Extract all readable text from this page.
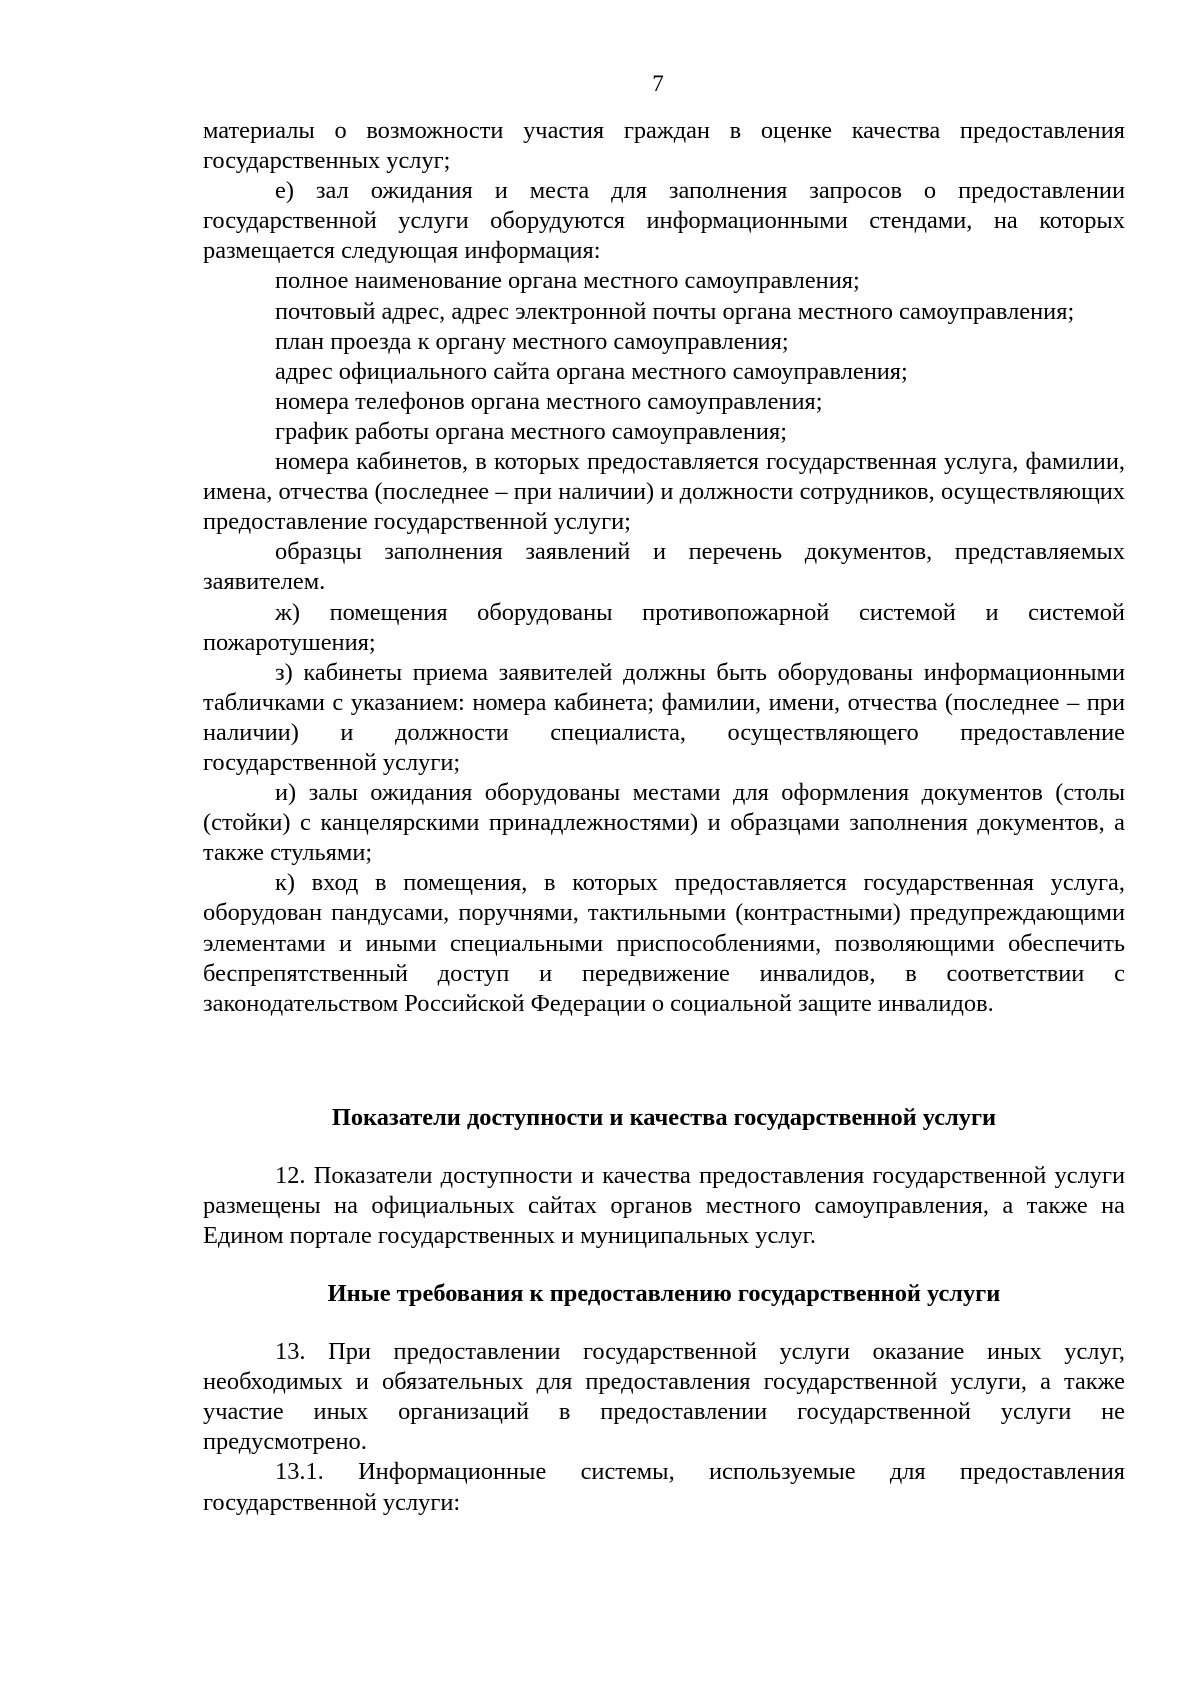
7

материалы о возможности участия граждан в оценке качества предоставления государственных услуг;

е) зал ожидания и места для заполнения запросов о предоставлении государственной услуги оборудуются информационными стендами, на которых размещается следующая информация:

полное наименование органа местного самоуправления;

почтовый адрес, адрес электронной почты органа местного самоуправления;

план проезда к органу местного самоуправления;

адрес официального сайта органа местного самоуправления;

номера телефонов органа местного самоуправления;

график работы органа местного самоуправления;

номера кабинетов, в которых предоставляется государственная услуга, фамилии, имена, отчества (последнее – при наличии) и должности сотрудников, осуществляющих предоставление государственной услуги;

образцы заполнения заявлений и перечень документов, представляемых заявителем.

ж) помещения оборудованы противопожарной системой и системой пожаротушения;

з) кабинеты приема заявителей должны быть оборудованы информационными табличками с указанием: номера кабинета; фамилии, имени, отчества (последнее – при наличии) и должности специалиста, осуществляющего предоставление государственной услуги;

и) залы ожидания оборудованы местами для оформления документов (столы (стойки) с канцелярскими принадлежностями) и образцами заполнения документов, а также стульями;

к) вход в помещения, в которых предоставляется государственная услуга, оборудован пандусами, поручнями, тактильными (контрастными) предупреждающими элементами и иными специальными приспособлениями, позволяющими обеспечить беспрепятственный доступ и передвижение инвалидов, в соответствии с законодательством Российской Федерации о социальной защите инвалидов.

Показатели доступности и качества государственной услуги

12. Показатели доступности и качества предоставления государственной услуги размещены на официальных сайтах органов местного самоуправления, а также на Едином портале государственных и муниципальных услуг.

Иные требования к предоставлению государственной услуги

13. При предоставлении государственной услуги оказание иных услуг, необходимых и обязательных для предоставления государственной услуги, а также участие иных организаций в предоставлении государственной услуги не предусмотрено.

13.1. Информационные системы, используемые для предоставления государственной услуги:
